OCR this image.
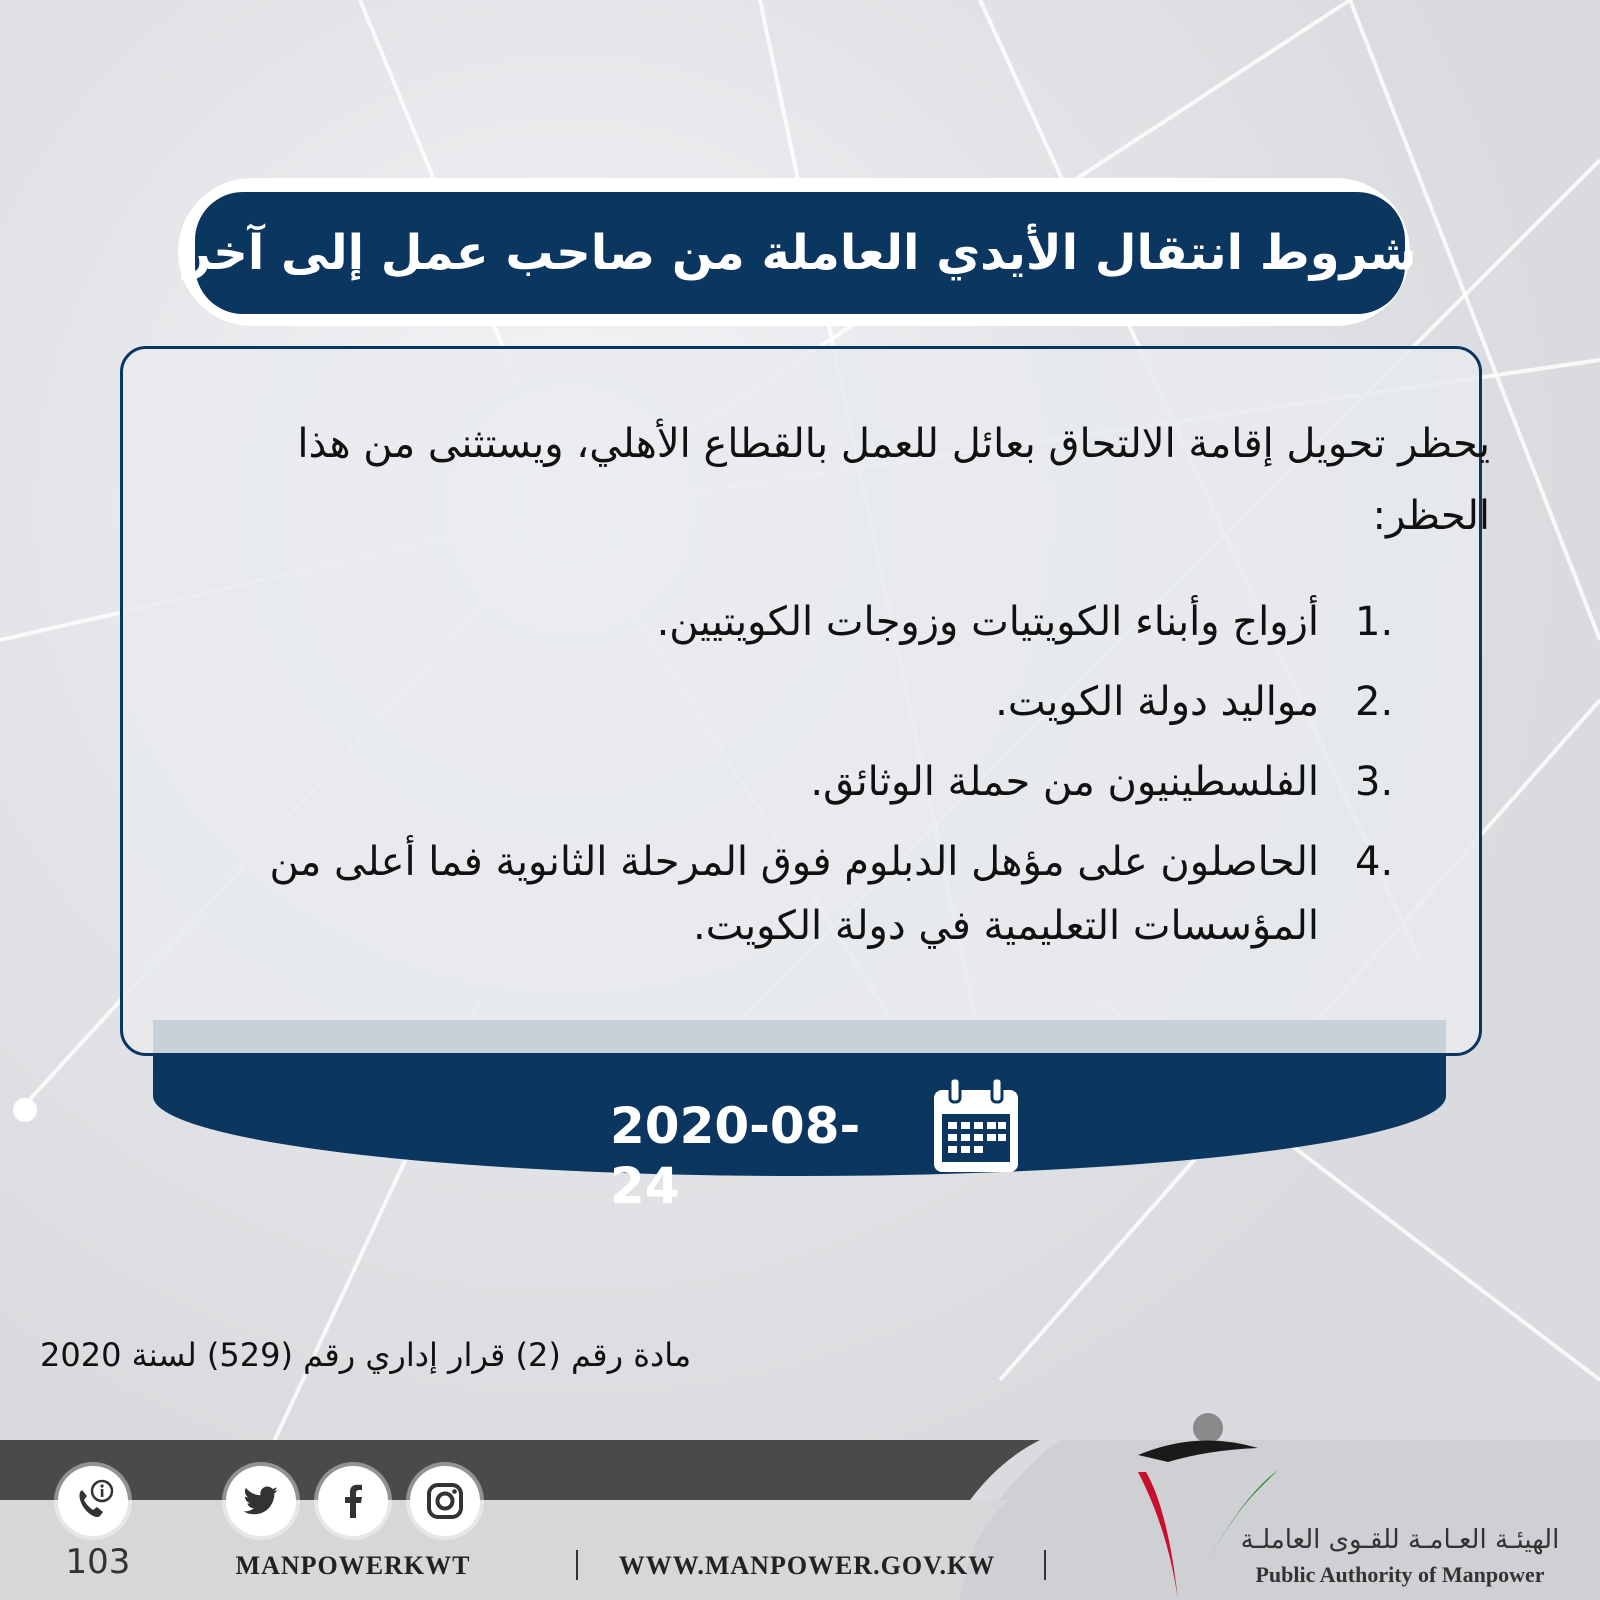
شروط انتقال الأيدي العاملة من صاحب عمل إلى آخر
يحظر تحويل إقامة الالتحاق بعائل للعمل بالقطاع الأهلي، ويستثنى من هذا الحظر:
1.
أزواج وأبناء الكويتيات وزوجات الكويتيين.
2.
مواليد دولة الكويت.
3.
الفلسطينيون من حملة الوثائق.
4.
الحاصلون على مؤهل الدبلوم فوق المرحلة الثانوية فما أعلى من المؤسسات التعليمية في دولة الكويت.
2020-08-24
مادة رقم (2) قرار إداري رقم (529) لسنة 2020
103	MANPOWERKWT	WWW.MANPOWER.GOV.KW
الهيئـة العـامـة للقـوى العاملـة
Public Authority of Manpower
